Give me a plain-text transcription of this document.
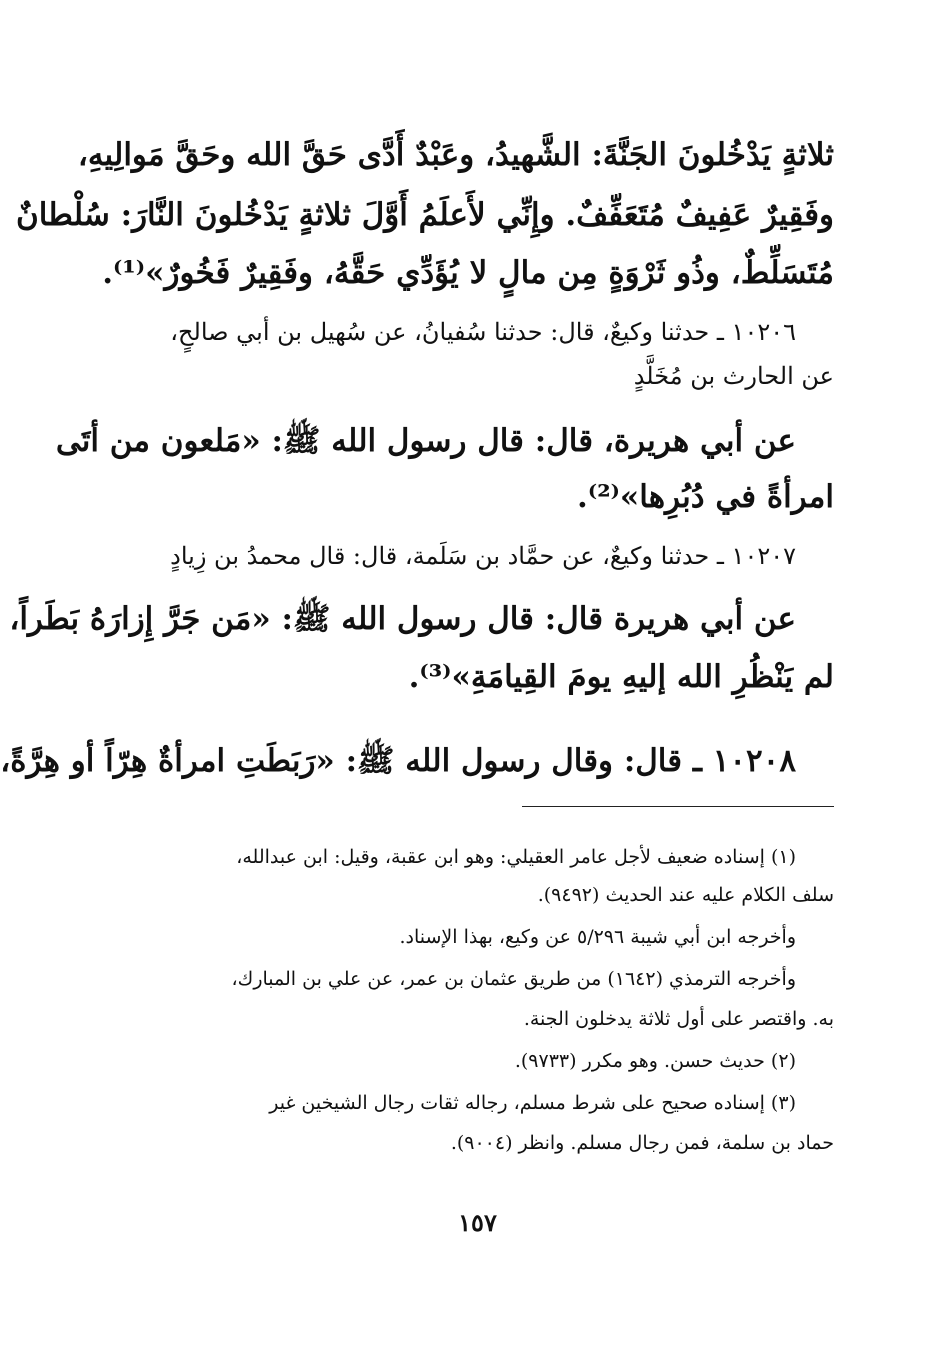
ثلاثةٍ يَدْخُلونَ الجَنَّةَ: الشَّهيدُ، وعَبْدٌ أَدَّى حَقَّ الله وحَقَّ مَوالِيهِ،
وفَقِيرٌ عَفِيفٌ مُتَعَفِّفٌ. وإِنِّي لأَعلَمُ أَوَّلَ ثلاثةٍ يَدْخُلونَ النَّارَ: سُلْطانٌ
مُتَسَلِّطٌ، وذُو ثَرْوَةٍ مِن مالٍ لا يُؤَدِّي حَقَّهُ، وفَقِيرٌ فَخُورٌ»⁽¹⁾.
١٠٢٠٦ ـ حدثنا وكيعٌ، قال: حدثنا سُفيانُ، عن سُهيل بن أبي صالحٍ،
عن الحارث بن مُخَلَّدٍ
عن أبي هريرة، قال: قال رسول الله ﷺ: «مَلعون من أتَى
امرأةً في دُبُرِها»⁽²⁾.
١٠٢٠٧ ـ حدثنا وكيعٌ، عن حمَّاد بن سَلَمة، قال: قال محمدُ بن زِيادٍ
عن أبي هريرة قال: قال رسول الله ﷺ: «مَن جَرَّ إِزارَهُ بَطَراً،
لم يَنْظُرِ الله إليهِ يومَ القِيامَةِ»⁽³⁾.
١٠٢٠٨ ـ قال: وقال رسول الله ﷺ: «رَبَطَتِ امرأةٌ هِرّاً أو هِرَّةً،
(١) إسناده ضعيف لأجل عامر العقيلي: وهو ابن عقبة، وقيل: ابن عبدالله،
سلف الكلام عليه عند الحديث (٩٤٩٢).
وأخرجه ابن أبي شيبة ٥/٢٩٦ عن وكيع، بهذا الإسناد.
وأخرجه الترمذي (١٦٤٢) من طريق عثمان بن عمر، عن علي بن المبارك،
به. واقتصر على أول ثلاثة يدخلون الجنة.
(٢) حديث حسن. وهو مكرر (٩٧٣٣).
(٣) إسناده صحيح على شرط مسلم، رجاله ثقات رجال الشيخين غير
حماد بن سلمة، فمن رجال مسلم. وانظر (٩٠٠٤).
١٥٧
